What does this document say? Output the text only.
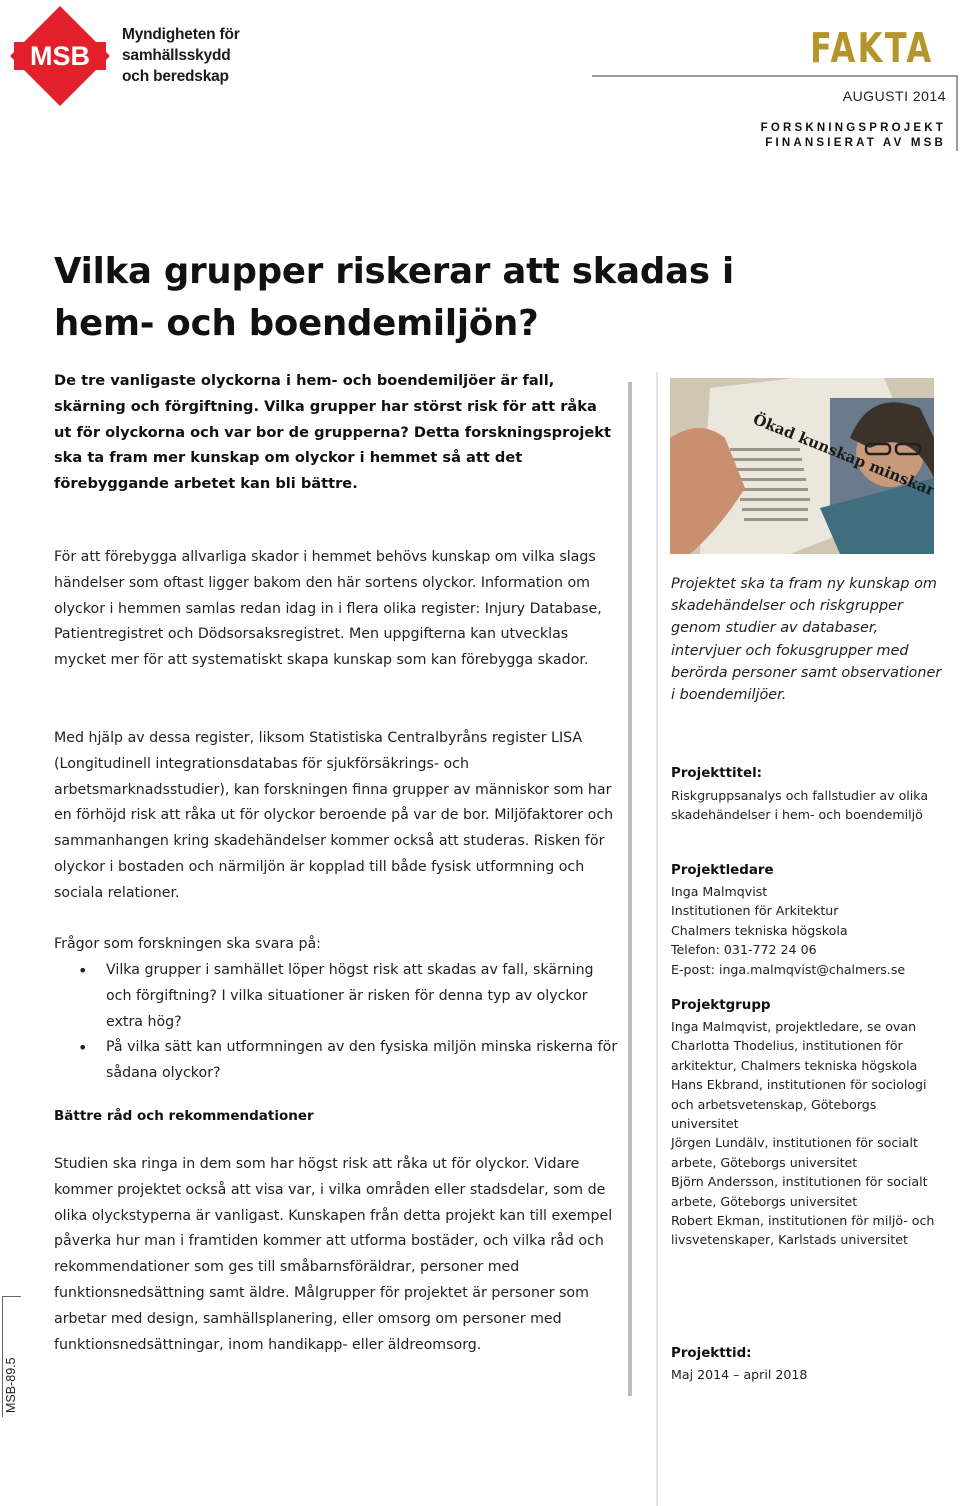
MSB
Myndigheten för
samhällsskydd
och beredskap
FAKTA
AUGUSTI 2014
FORSKNINGSPROJEKT
FINANSIERAT AV MSB
Vilka grupper riskerar att skadas i hem- och boendemiljön?
De tre vanligaste olyckorna i hem- och boendemiljöer är fall, skärning och förgiftning. Vilka grupper har störst risk för att råka ut för olyckorna och var bor de grupperna? Detta forskningsprojekt ska ta fram mer kunskap om olyckor i hemmet så att det förebyggande arbetet kan bli bättre.
För att förebygga allvarliga skador i hemmet behövs kunskap om vilka slags händelser som oftast ligger bakom den här sortens olyckor. Information om olyckor i hemmen samlas redan idag in i flera olika register: Injury Database, Patientregistret och Dödsorsaksregistret. Men uppgifterna kan utvecklas mycket mer för att systematiskt skapa kunskap som kan förebygga skador.
Med hjälp av dessa register, liksom Statistiska Centralbyråns register LISA (Longitudinell integrationsdatabas för sjukförsäkrings- och arbetsmarknadsstudier), kan forskningen finna grupper av människor som har en förhöjd risk att råka ut för olyckor beroende på var de bor. Miljöfaktorer och sammanhangen kring skadehändelser kommer också att studeras. Risken för olyckor i bostaden och närmiljön är kopplad till både fysisk utformning och sociala relationer.
Frågor som forskningen ska svara på:
• Vilka grupper i samhället löper högst risk att skadas av fall, skärning och förgiftning? I vilka situationer är risken för denna typ av olyckor extra hög?
• På vilka sätt kan utformningen av den fysiska miljön minska riskerna för sådana olyckor?
Bättre råd och rekommendationer
Studien ska ringa in dem som har högst risk att råka ut för olyckor. Vidare kommer projektet också att visa var, i vilka områden eller stadsdelar, som de olika olyckstyperna är vanligast. Kunskapen från detta projekt kan till exempel påverka hur man i framtiden kommer att utforma bostäder, och vilka råd och rekommendationer som ges till småbarnsföräldrar, personer med funktionsnedsättning samt äldre. Målgrupper för projektet är personer som arbetar med design, samhällsplanering, eller omsorg om personer med funktionsnedsättningar, inom handikapp- eller äldreomsorg.
Ökad kunskap minskar
Projektet ska ta fram ny kunskap om skadehändelser och riskgrupper genom studier av databaser, intervjuer och fokusgrupper med berörda personer samt observationer i boendemiljöer.
Projekttitel:
Riskgruppsanalys och fallstudier av olika skadehändelser i hem- och boendemiljö
Projektledare
Inga Malmqvist
Institutionen för Arkitektur
Chalmers tekniska högskola
Telefon: 031-772 24 06
E-post: inga.malmqvist@chalmers.se
Projektgrupp
Inga Malmqvist, projektledare, se ovan
Charlotta Thodelius, institutionen för arkitektur, Chalmers tekniska högskola
Hans Ekbrand, institutionen för sociologi och arbetsvetenskap, Göteborgs universitet
Jörgen Lundälv, institutionen för socialt arbete, Göteborgs universitet
Björn Andersson, institutionen för socialt arbete, Göteborgs universitet
Robert Ekman, institutionen för miljö- och livsvetenskaper, Karlstads universitet
Projekttid:
Maj 2014 – april 2018
MSB-89.5
